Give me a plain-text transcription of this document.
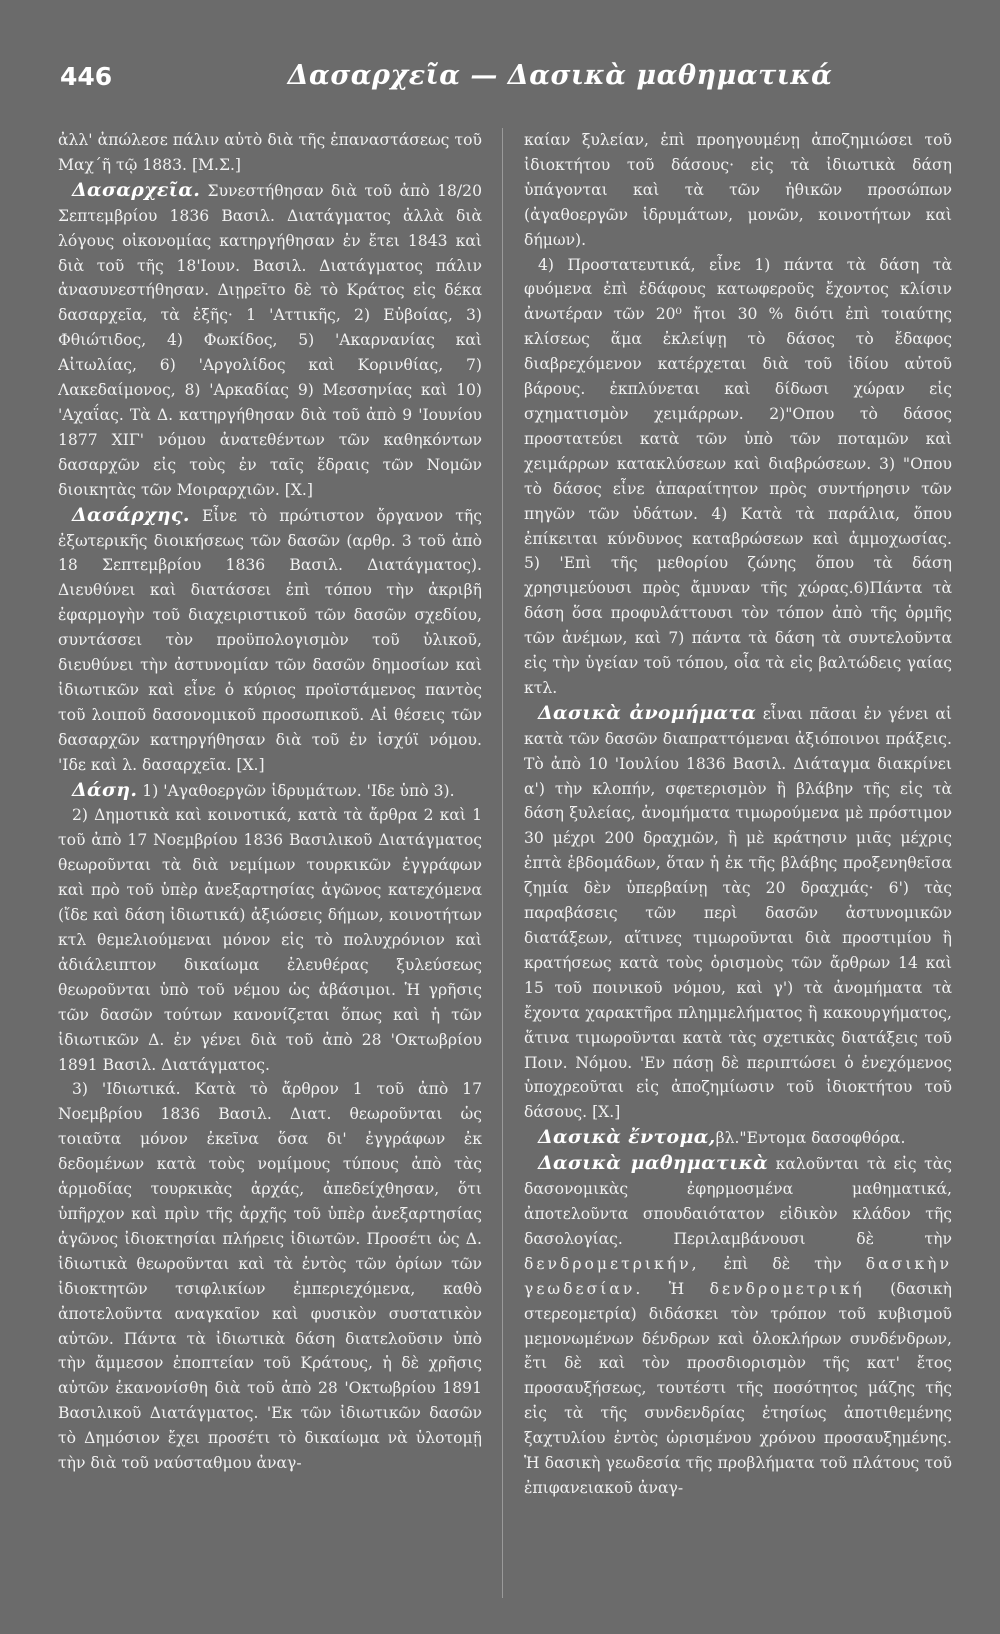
446	Δασαρχεῖα — Δασικὰ μαθηματικά

ἀλλ' ἀπώλεσε πάλιν αὐτὸ διὰ τῆς ἐπαναστάσεως τοῦ Μαχ΄ῆ τῷ 1883. [Μ.Σ.]

Δασαρχεῖα. Συνεστήθησαν διὰ τοῦ ἀπὸ 18/20 Σεπτεμβρίου 1836 Βασιλ. Διατάγματος ἀλλὰ διὰ λόγους οἰκονομίας κατηργήθησαν ἐν ἔτει 1843 καὶ διὰ τοῦ τῆς 18'Ιουν. Βασιλ. Διατάγματος πάλιν ἀνασυνεστήθησαν. Διῃρεῖτο δὲ τὸ Κράτος εἰς δέκα δασαρχεῖα, τὰ ἑξῆς· 1 'Αττικῆς, 2) Εὐβοίας, 3) Φθιώτιδος, 4) Φωκίδος, 5) 'Ακαρνανίας καὶ Αἰτωλίας, 6) 'Αργολίδος καὶ Κορινθίας, 7) Λακεδαίμονος, 8) 'Αρκαδίας 9) Μεσσηνίας καὶ 10) 'Αχαΐας. Τὰ Δ. κατηργήθησαν διὰ τοῦ ἀπὸ 9 'Ιουνίου 1877 ΧΙΓ' νόμου ἀνατεθέντων τῶν καθηκόντων δασαρχῶν εἰς τοὺς ἐν ταῖς ἕδραις τῶν Νομῶν διοικητὰς τῶν Μοιραρχιῶν. [Χ.]

Δασάρχης. Εἶνε τὸ πρώτιστον ὄργανον τῆς ἐξωτερικῆς διοικήσεως τῶν δασῶν (αρθρ. 3 τοῦ ἀπὸ 18 Σεπτεμβρίου 1836 Βασιλ. Διατάγματος). Διευθύνει καὶ διατάσσει ἐπὶ τόπου τὴν ἀκριβῆ ἐφαρμογὴν τοῦ διαχειριστικοῦ τῶν δασῶν σχεδίου, συντάσσει τὸν προϋπολογισμὸν τοῦ ὑλικοῦ, διευθύνει τὴν ἀστυνομίαν τῶν δασῶν δημοσίων καὶ ἰδιωτικῶν καὶ εἶνε ὁ κύριος προϊστάμενος παντὸς τοῦ λοιποῦ δασονομικοῦ προσωπικοῦ. Αἱ θέσεις τῶν δασαρχῶν κατηργήθησαν διὰ τοῦ ἐν ἰσχύϊ νόμου. 'Ιδε καὶ λ. δασαρχεῖα. [Χ.]

Δάση. 1) 'Αγαθοεργῶν ἱδρυμάτων. 'Ιδε ὑπὸ 3).

2) Δημοτικὰ καὶ κοινοτικά, κατὰ τὰ ἄρθρα 2 καὶ 1 τοῦ ἀπὸ 17 Νοεμβρίου 1836 Βασιλικοῦ Διατάγματος θεωροῦνται τὰ διὰ νεμίμων τουρκικῶν ἐγγράφων καὶ πρὸ τοῦ ὑπὲρ ἀνεξαρτησίας ἀγῶνος κατεχόμενα (ἴδε καὶ δάση ἰδιωτικά) ἀξιώσεις δήμων, κοινοτήτων κτλ θεμελιούμεναι μόνον εἰς τὸ πολυχρόνιον καὶ ἀδιάλειπτον δικαίωμα ἐλευθέρας ξυλεύσεως θεωροῦνται ὑπὸ τοῦ νέμου ὡς ἀβάσιμοι. Ἡ γρῆσις τῶν δασῶν τούτων κανονίζεται ὅπως καὶ ἡ τῶν ἰδιωτικῶν Δ. ἐν γένει διὰ τοῦ ἀπὸ 28 'Οκτωβρίου 1891 Βασιλ. Διατάγματος.

3) 'Ιδιωτικά. Κατὰ τὸ ἄρθρον 1 τοῦ ἀπὸ 17 Νοεμβρίου 1836 Βασιλ. Διατ. θεωροῦνται ὡς τοιαῦτα μόνον ἐκεῖνα ὅσα δι' ἐγγράφων ἐκ δεδομένων κατὰ τοὺς νομίμους τύπους ἀπὸ τὰς ἁρμοδίας τουρκικὰς ἀρχάς, ἀπεδείχθησαν, ὅτι ὑπῆρχον καὶ πρὶν τῆς ἀρχῆς τοῦ ὑπὲρ ἀνεξαρτησίας ἀγῶνος ἰδιοκτησίαι πλήρεις ἰδιωτῶν. Προσέτι ὡς Δ. ἰδιωτικὰ θεωροῦνται καὶ τὰ ἐντὸς τῶν ὁρίων τῶν ἰδιοκτητῶν τσιφλικίων ἐμπεριεχόμενα, καθὸ ἀποτελοῦντα αναγκαῖον καὶ φυσικὸν συστατικὸν αὐτῶν. Πάντα τὰ ἰδιωτικὰ δάση διατελοῦσιν ὑπὸ τὴν ἄμμεσον ἐποπτείαν τοῦ Κράτους, ἡ δὲ χρῆσις αὐτῶν ἐκανονίσθη διὰ τοῦ ἀπὸ 28 'Οκτωβρίου 1891 Βασιλικοῦ Διατάγματος. 'Εκ τῶν ἰδιωτικῶν δασῶν τὸ Δημόσιον ἔχει προσέτι τὸ δικαίωμα νὰ ὑλοτομῇ τὴν διὰ τοῦ ναύσταθμου ἀναγ-

καίαν ξυλείαν, ἐπὶ προηγουμένῃ ἀποζημιώσει τοῦ ἰδιοκτήτου τοῦ δάσους· εἰς τὰ ἰδιωτικὰ δάση ὑπάγονται καὶ τὰ τῶν ἠθικῶν προσώπων (ἀγαθοεργῶν ἱδρυμάτων, μονῶν, κοινοτήτων καὶ δήμων).

4) Προστατευτικά, εἶνε 1) πάντα τὰ δάση τὰ φυόμενα ἐπὶ ἐδάφους κατωφεροῦς ἔχοντος κλίσιν ἀνωτέραν τῶν 20⁰ ἤτοι 30 % διότι ἐπὶ τοιαύτης κλίσεως ἅμα ἐκλείψῃ τὸ δάσος τὸ ἔδαφος διαβρεχόμενον κατέρχεται διὰ τοῦ ἰδίου αὐτοῦ βάρους. ἐκπλύνεται καὶ δίδωσι χώραν εἰς σχηματισμὸν χειμάρρων. 2)"Οπου τὸ δάσος προστατεύει κατὰ τῶν ὑπὸ τῶν ποταμῶν καὶ χειμάρρων κατακλύσεων καὶ διαβρώσεων. 3) "Οπου τὸ δάσος εἶνε ἀπαραίτητον πρὸς συντήρησιν τῶν πηγῶν τῶν ὑδάτων. 4) Κατὰ τὰ παράλια, ὅπου ἐπίκειται κύνδυνος καταβρώσεων καὶ ἀμμοχωσίας. 5) 'Επὶ τῆς μεθορίου ζώνης ὅπου τὰ δάση χρησιμεύουσι πρὸς ἄμυναν τῆς χώρας.6)Πάντα τὰ δάση ὅσα προφυλάττουσι τὸν τόπον ἀπὸ τῆς ὁρμῆς τῶν ἀνέμων, καὶ 7) πάντα τὰ δάση τὰ συντελοῦντα εἰς τὴν ὑγείαν τοῦ τόπου, οἷα τὰ εἰς βαλτώδεις γαίας κτλ.

Δασικὰ ἀνομήματα εἶναι πᾶσαι ἐν γένει αἱ κατὰ τῶν δασῶν διαπραττόμεναι ἀξιόποινοι πράξεις. Τὸ ἀπὸ 10 'Ιουλίου 1836 Βασιλ. Διάταγμα διακρίνει α') τὴν κλοπήν, σφετερισμὸν ἢ βλάβην τῆς εἰς τὰ δάση ξυλείας, ἀνομήματα τιμωρούμενα μὲ πρόστιμον 30 μέχρι 200 δραχμῶν, ἢ μὲ κράτησιν μιᾶς μέχρις ἑπτὰ ἑβδομάδων, ὅταν ἡ ἐκ τῆς βλάβης προξενηθεῖσα ζημία δὲν ὑπερβαίνῃ τὰς 20 δραχμάς· 6') τὰς παραβάσεις τῶν περὶ δασῶν ἀστυνομικῶν διατάξεων, αἵτινες τιμωροῦνται διὰ προστιμίου ἢ κρατήσεως κατὰ τοὺς ὁρισμοὺς τῶν ἄρθρων 14 καὶ 15 τοῦ ποινικοῦ νόμου, καὶ γ') τὰ ἀνομήματα τὰ ἔχοντα χαρακτῆρα πλημμελήματος ἢ κακουργήματος, ἅτινα τιμωροῦνται κατὰ τὰς σχετικὰς διατάξεις τοῦ Ποιν. Νόμου. 'Εν πάσῃ δὲ περιπτώσει ὁ ἐνεχόμενος ὑποχρεοῦται εἰς ἀποζημίωσιν τοῦ ἰδιοκτήτου τοῦ δάσους. [Χ.]

Δασικὰ ἔντομα,βλ."Εντομα δασοφθόρα.

Δασικὰ μαθηματικὰ καλοῦνται τὰ εἰς τὰς δασονομικὰς ἐφηρμοσμένα μαθηματικά, ἀποτελοῦντα σπουδαιότατον εἰδικὸν κλάδον τῆς δασολογίας. Περιλαμβάνουσι δὲ τὴν δενδρομετρικήν, ἐπὶ δὲ τὴν δασικὴν γεωδεσίαν. Ἡ δενδρομετρική (δασικὴ στερεομετρία) διδάσκει τὸν τρόπον τοῦ κυβισμοῦ μεμονωμένων δένδρων καὶ ὁλοκλήρων συνδένδρων, ἔτι δὲ καὶ τὸν προσδιορισμὸν τῆς κατ' ἔτος προσαυξήσεως, τουτέστι τῆς ποσότητος μάζης τῆς εἰς τὰ τῆς συνδενδρίας ἐτησίως ἀποτιθεμένης ξαχτυλίου ἐντὸς ὡρισμένου χρόνου προσαυξημένης. Ἡ δασικὴ γεωδεσία τῆς προβλήματα τοῦ πλάτους τοῦ ἐπιφανειακοῦ ἀναγ-
